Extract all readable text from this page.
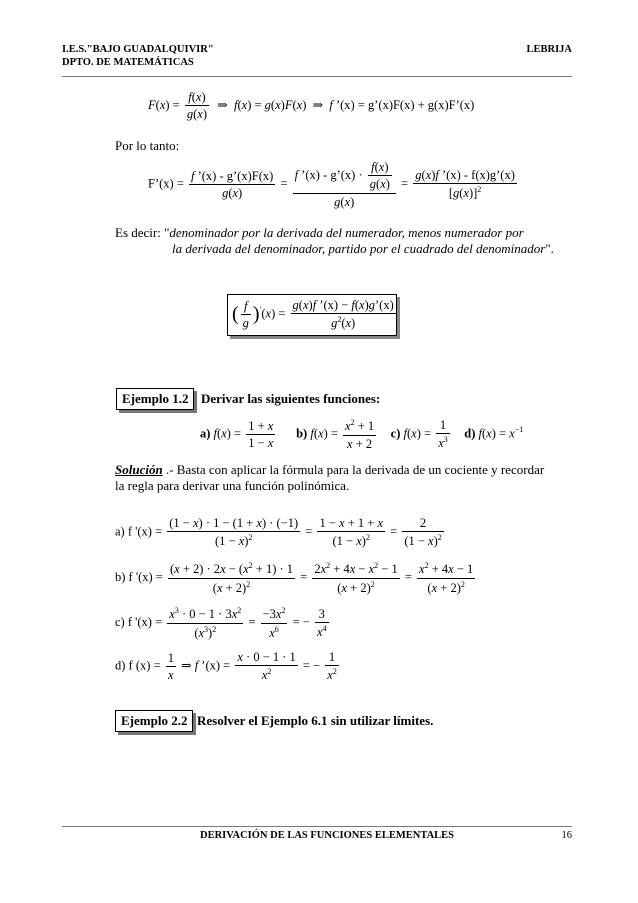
I.E.S."BAJO GUADALQUIVIR"
DPTO. DE MATEMÁTICAS
LEBRIJA
$F(x) = \frac{f(x)}{g(x)}$ ⇒  f(x) = g(x)F(x)  ⇒  f ’(x) = g’(x)F(x) + g(x)F’(x)
Por lo tanto:
F’(x) = $\frac{f ’(x) - g’(x)F(x)}{g(x)} = \frac{f ’(x) - g’(x) \cdot \frac{f(x)}{g(x)}}{g(x)} = \frac{g(x)f ’(x) - f(x)g’(x)}{[g(x)]^2}$
Es decir: "denominador por la derivada del numerador, menos numerador por
la derivada del denominador, partido por el cuadrado del denominador".
( $\frac{f}{g} )'(x) = \frac{g(x)f ’(x) - f(x)g’(x)}{g^2(x)}$
Ejemplo 1.2 Derivar las siguientes funciones:
a) $f(x) = \frac{1 + x}{1 - x} b$) $f(x) = \frac{x^2 + 1}{x + 2} c$) $f(x) = \frac{1}{x^3} d$) $f(x) = x^{-1}$
Solución .- Basta con aplicar la fórmula para la derivada de un cociente y recordar
la regla para derivar una función polinómica.
a) f '$(x) = \frac{(1 - x) \cdot 1 - (1 + x) \cdot (-1)}{(1 - x)^2} = \frac{1 - x + 1 + x}{(1 - x)^2} = \frac{2}{(1 - x)^2}$
b) f '$(x) = \frac{(x + 2) \cdot 2x - (x^2 + 1) \cdot 1}{(x + 2)^2} = \frac{2x^2 + 4x - x^2 - 1}{(x + 2)^2} = \frac{x^2 + 4x - 1}{(x + 2)^2}$
c) f '$(x) = \frac{x^3 \cdot 0 - 1 \cdot 3x^2}{(x^3)^2} = \frac{-3x^2}{x^6}$ = − $\frac{3}{x^4}$
d) f $(x) = \frac{1}{x}$ ⇒ f ’(x) = $\frac{x \cdot 0 - 1 \cdot 1}{x^2}$ = − $\frac{1}{x^2}$
Ejemplo 2.2 Resolver el Ejemplo 6.1 sin utilizar límites.
DERIVACIÓN DE LAS FUNCIONES ELEMENTALES	16
